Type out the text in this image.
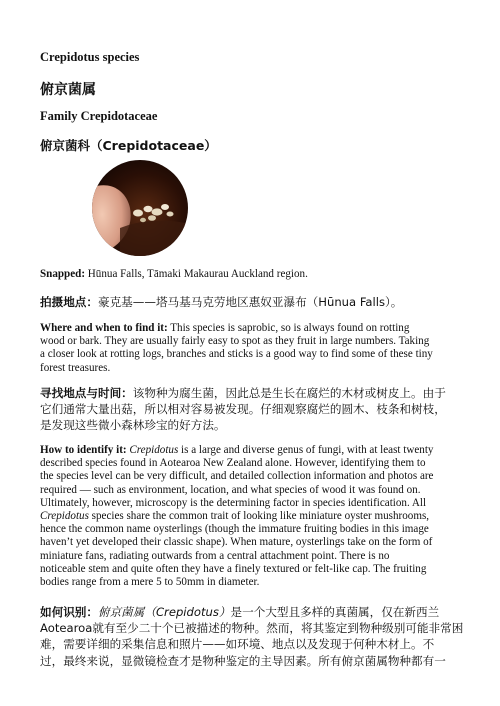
Crepidotus species
俯京菌属
Family Crepidotaceae
俯京菌科（Crepidotaceae）
Snapped: Hūnua Falls, Tāmaki Makaurau Auckland region.
拍摄地点：豪克基——塔马基马克劳地区惠奴亚瀑布（Hūnua Falls）。
Where and when to find it: This species is saprobic, so is always found on rotting
wood or bark. They are usually fairly easy to spot as they fruit in large numbers. Taking
a closer look at rotting logs, branches and sticks is a good way to find some of these tiny
forest treasures.
寻找地点与时间：该物种为腐生菌，因此总是生长在腐烂的木材或树皮上。由于
它们通常大量出菇，所以相对容易被发现。仔细观察腐烂的圆木、枝条和树枝，
是发现这些微小森林珍宝的好方法。
How to identify it: Crepidotus is a large and diverse genus of fungi, with at least twenty
described species found in Aotearoa New Zealand alone. However, identifying them to
the species level can be very difficult, and detailed collection information and photos are
required — such as environment, location, and what species of wood it was found on.
Ultimately, however, microscopy is the determining factor in species identification. All
Crepidotus species share the common trait of looking like miniature oyster mushrooms,
hence the common name oysterlings (though the immature fruiting bodies in this image
haven’t yet developed their classic shape). When mature, oysterlings take on the form of
miniature fans, radiating outwards from a central attachment point. There is no
noticeable stem and quite often they have a finely textured or felt-like cap. The fruiting
bodies range from a mere 5 to 50mm in diameter.
如何识别：俯京菌属（Crepidotus）是一个大型且多样的真菌属，仅在新西兰
Aotearoa就有至少二十个已被描述的物种。然而，将其鉴定到物种级别可能非常困
难，需要详细的采集信息和照片——如环境、地点以及发现于何种木材上。不
过，最终来说，显微镜检查才是物种鉴定的主导因素。所有俯京菌属物种都有一
